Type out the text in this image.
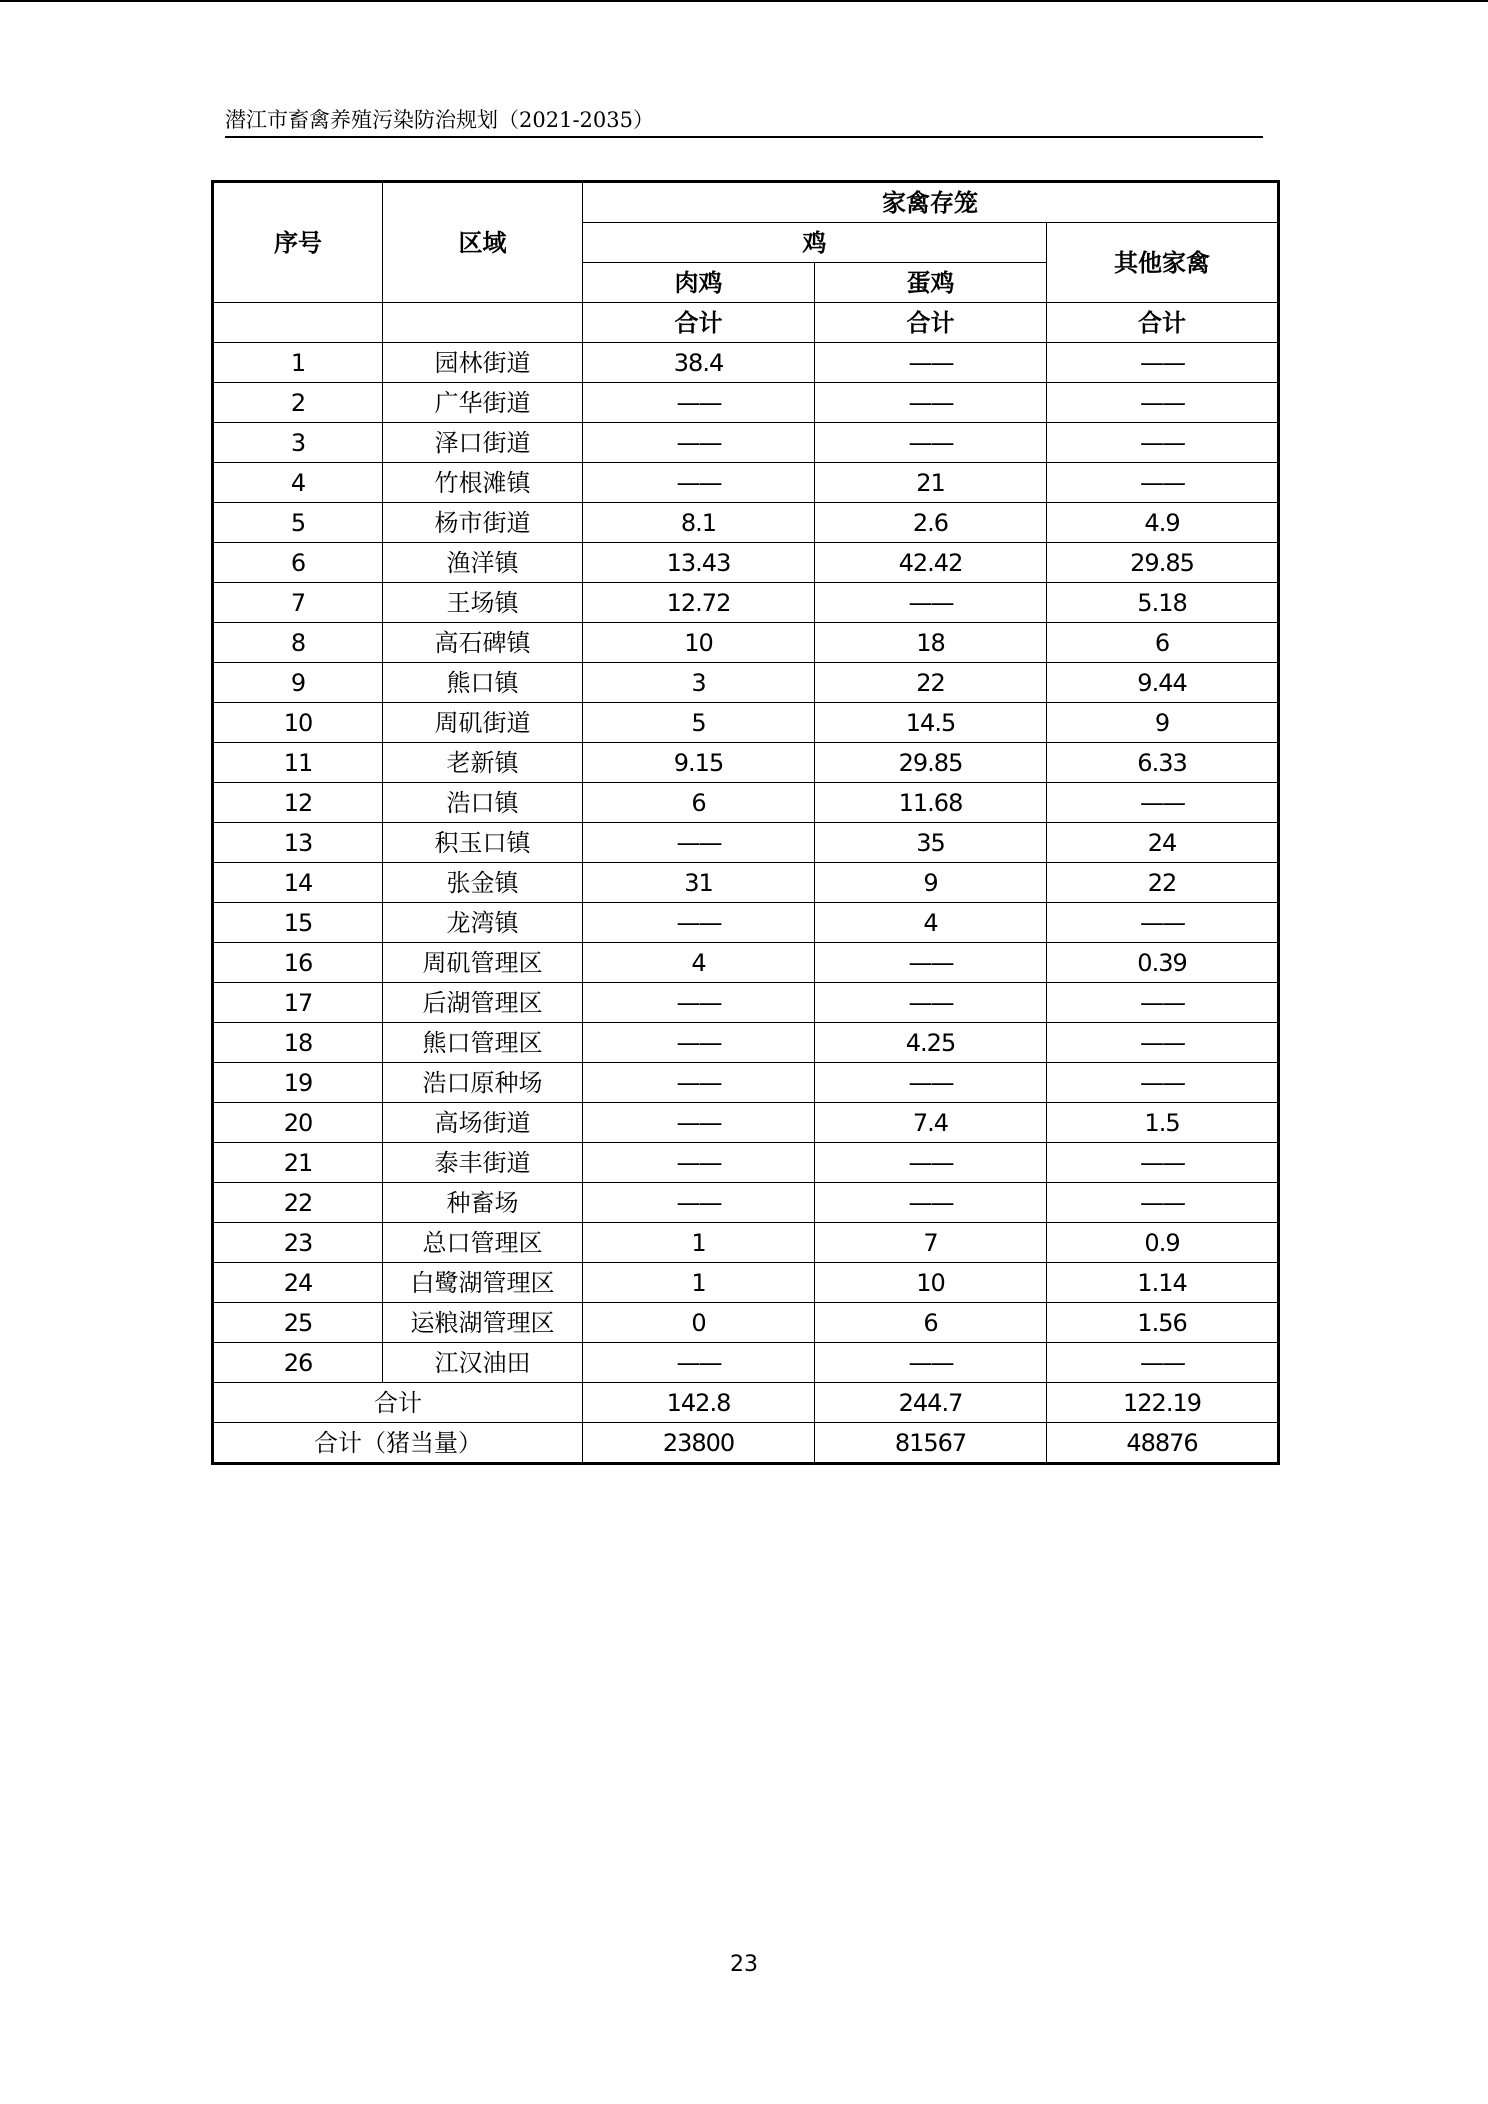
潜江市畜禽养殖污染防治规划（2021-2035）
序号	区域	家禽存笼		
		鸡		其他家禽
		肉鸡	蛋鸡	
		合计	合计	合计
1	园林街道	38.4	——	——
2	广华街道	——	——	——
3	泽口街道	——	——	——
4	竹根滩镇	——	21	——
5	杨市街道	8.1	2.6	4.9
6	渔洋镇	13.43	42.42	29.85
7	王场镇	12.72	——	5.18
8	高石碑镇	10	18	6
9	熊口镇	3	22	9.44
10	周矶街道	5	14.5	9
11	老新镇	9.15	29.85	6.33
12	浩口镇	6	11.68	——
13	积玉口镇	——	35	24
14	张金镇	31	9	22
15	龙湾镇	——	4	——
16	周矶管理区	4	——	0.39
17	后湖管理区	——	——	——
18	熊口管理区	——	4.25	——
19	浩口原种场	——	——	——
20	高场街道	——	7.4	1.5
21	泰丰街道	——	——	——
22	种畜场	——	——	——
23	总口管理区	1	7	0.9
24	白鹭湖管理区	1	10	1.14
25	运粮湖管理区	0	6	1.56
26	江汉油田	——	——	——
合计		142.8	244.7	122.19
合计（猪当量）		23800	81567	48876
23
